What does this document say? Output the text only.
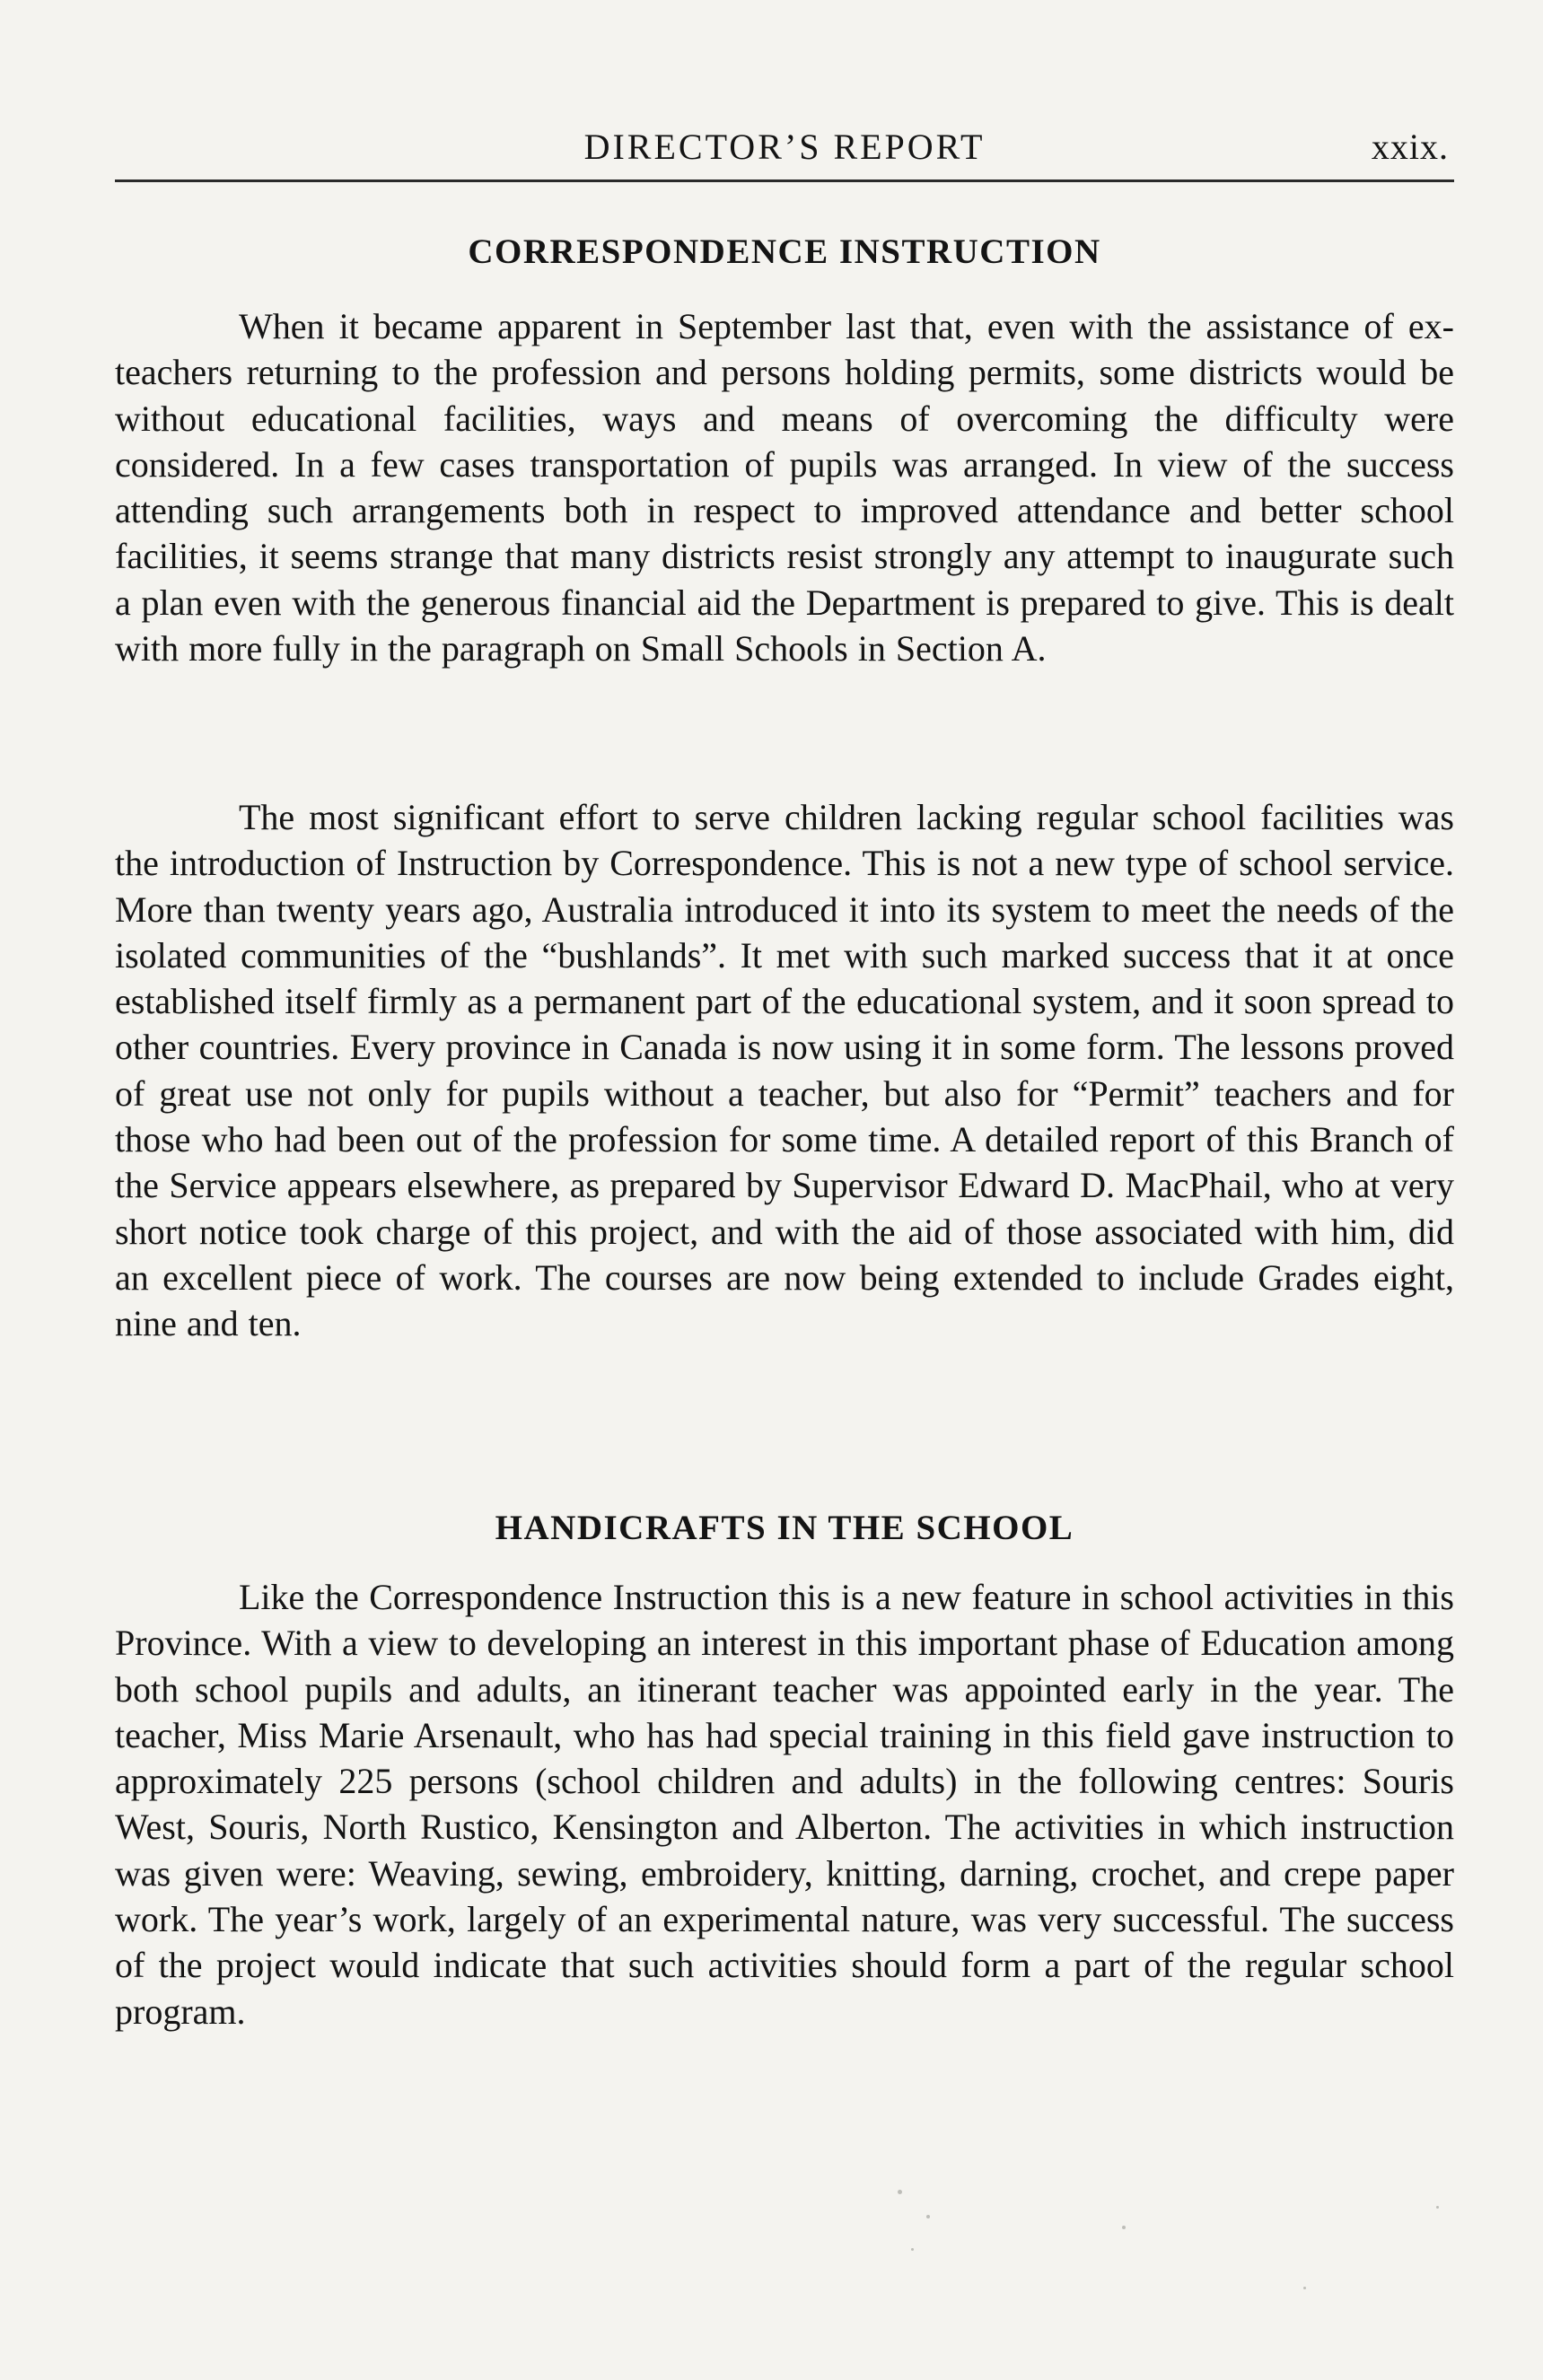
DIRECTOR’S REPORT	xxix.
CORRESPONDENCE INSTRUCTION

When it became apparent in September last that, even with the assistance of ex-teachers returning to the profession and persons holding permits, some districts would be without educational facilities, ways and means of overcoming the difficulty were considered. In a few cases transportation of pupils was arranged. In view of the success attending such arrangements both in respect to improved attendance and better school facilities, it seems strange that many districts resist strongly any attempt to inaugurate such a plan even with the generous financial aid the Department is prepared to give. This is dealt with more fully in the paragraph on Small Schools in Section A.

The most significant effort to serve children lacking regular school facilities was the introduction of Instruction by Correspondence. This is not a new type of school service. More than twenty years ago, Australia introduced it into its system to meet the needs of the isolated communities of the “bushlands”. It met with such marked success that it at once established itself firmly as a permanent part of the educational system, and it soon spread to other countries. Every province in Canada is now using it in some form. The lessons proved of great use not only for pupils without a teacher, but also for “Permit” teachers and for those who had been out of the profession for some time. A detailed report of this Branch of the Service appears elsewhere, as prepared by Supervisor Edward D. MacPhail, who at very short notice took charge of this project, and with the aid of those associated with him, did an excellent piece of work. The courses are now being extended to include Grades eight, nine and ten.

HANDICRAFTS IN THE SCHOOL

Like the Correspondence Instruction this is a new feature in school activities in this Province. With a view to developing an interest in this important phase of Education among both school pupils and adults, an itinerant teacher was appointed early in the year. The teacher, Miss Marie Arsenault, who has had special training in this field gave instruction to approximately 225 persons (school children and adults) in the following centres: Souris West, Souris, North Rustico, Kensington and Alberton. The activities in which instruction was given were: Weaving, sewing, embroidery, knitting, darning, crochet, and crepe paper work. The year’s work, largely of an experimental nature, was very successful. The success of the project would indicate that such activities should form a part of the regular school program.
